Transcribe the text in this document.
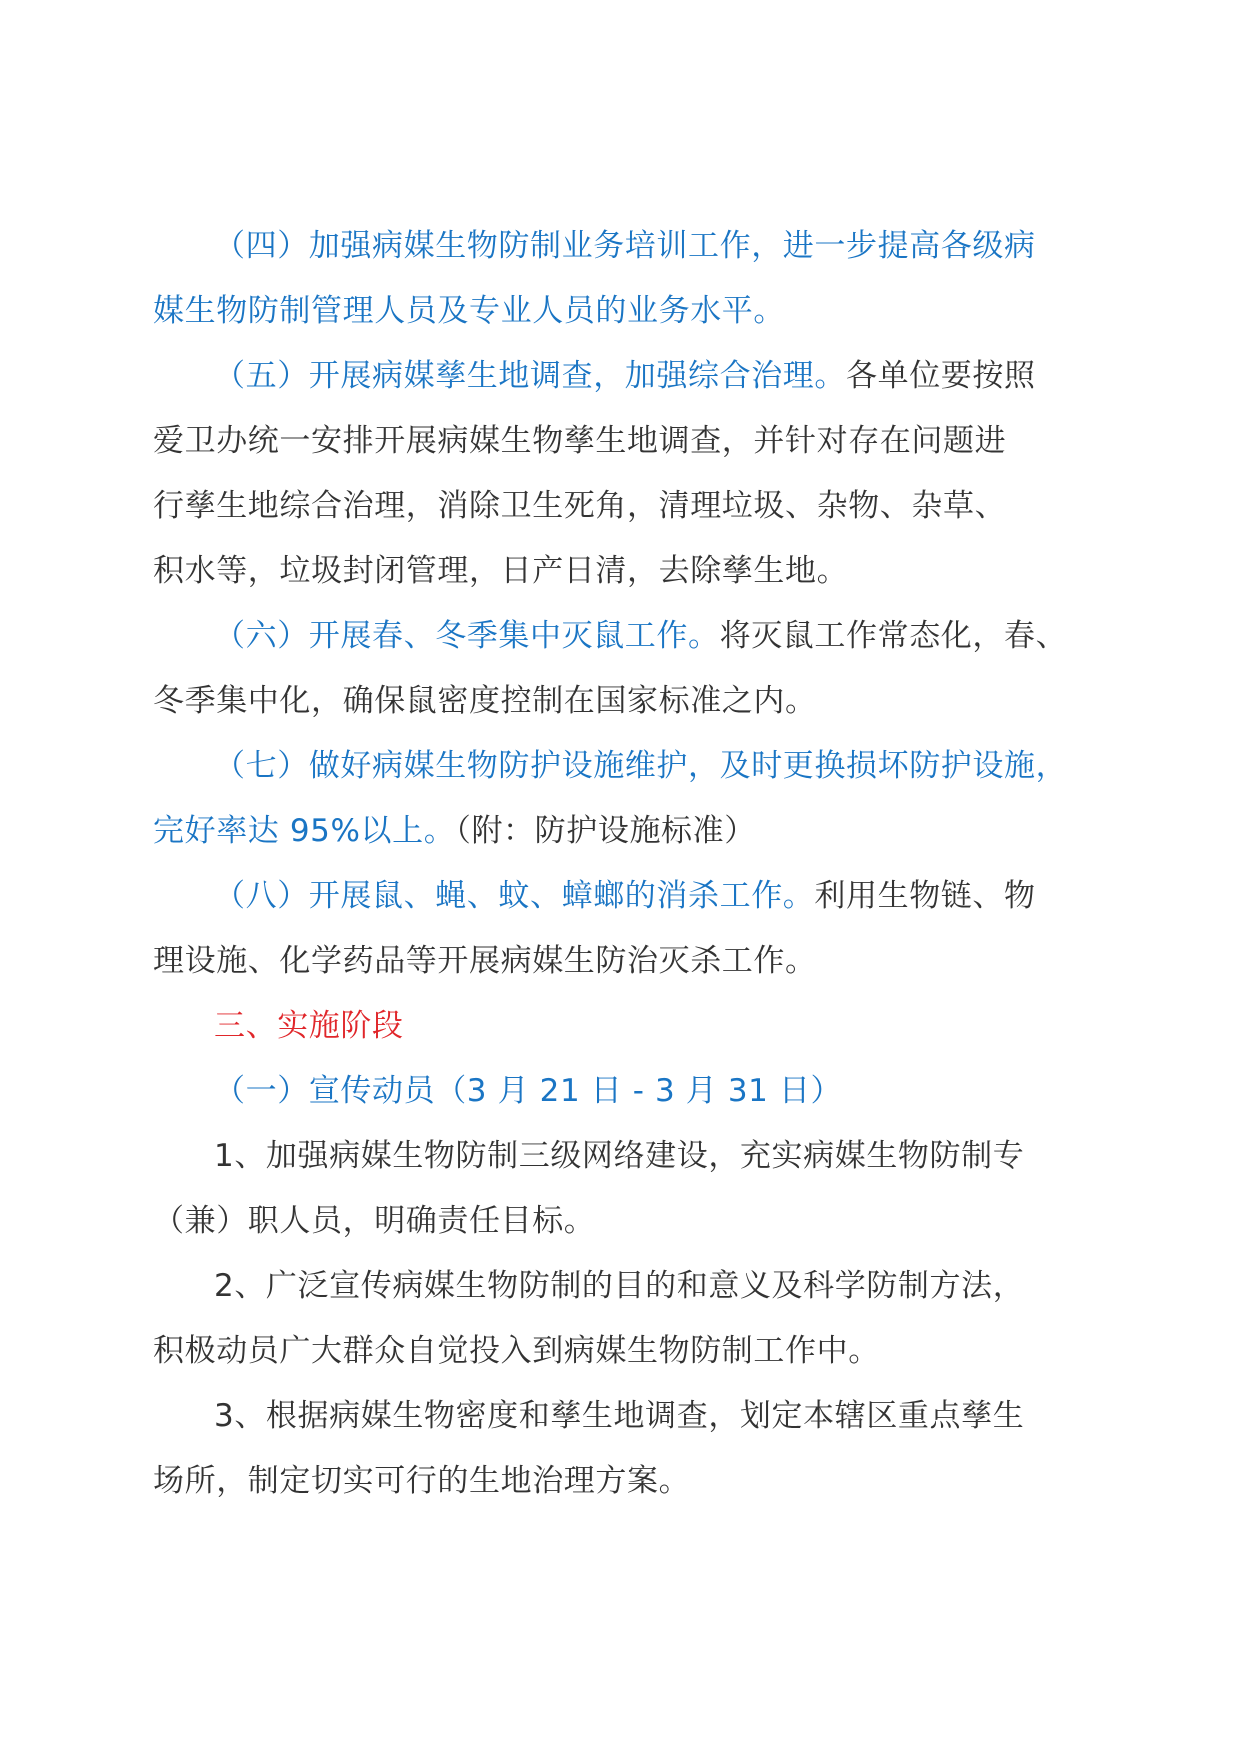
（四）加强病媒生物防制业务培训工作，进一步提高各级病
媒生物防制管理人员及专业人员的业务水平。
（五）开展病媒孳生地调查，加强综合治理。各单位要按照
爱卫办统一安排开展病媒生物孳生地调查，并针对存在问题进
行孳生地综合治理，消除卫生死角，清理垃圾、杂物、杂草、
积水等，垃圾封闭管理，日产日清，去除孳生地。
（六）开展春、冬季集中灭鼠工作。将灭鼠工作常态化，春、
冬季集中化，确保鼠密度控制在国家标准之内。
（七）做好病媒生物防护设施维护，及时更换损坏防护设施，
完好率达 95%以上。（附：防护设施标准）
（八）开展鼠、蝇、蚊、蟑螂的消杀工作。利用生物链、物
理设施、化学药品等开展病媒生防治灭杀工作。
三、实施阶段
（一）宣传动员（3 月 21 日 - 3 月 31 日）
1、加强病媒生物防制三级网络建设，充实病媒生物防制专
（兼）职人员，明确责任目标。
2、广泛宣传病媒生物防制的目的和意义及科学防制方法，
积极动员广大群众自觉投入到病媒生物防制工作中。
3、根据病媒生物密度和孳生地调查，划定本辖区重点孳生
场所，制定切实可行的生地治理方案。
